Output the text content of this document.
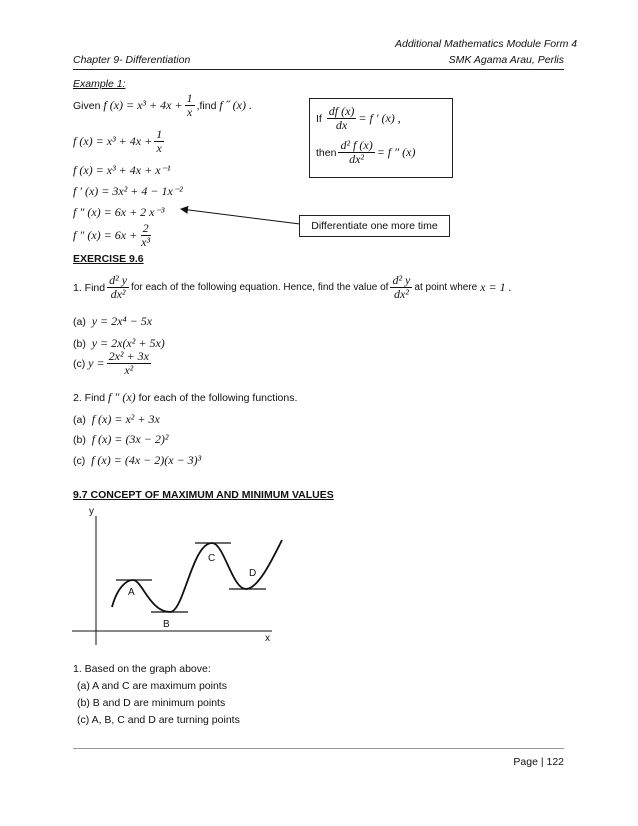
Additional Mathematics Module Form 4
Chapter 9- Differentiation	SMK Agama Arau, Perlis
Example 1:
Given
f $(x) = x^3 + 4x + \frac{1}{x}$ ,find
f ˝ (x) .
f $(x) = x^3 + 4x + \frac{1}{x}$
f (x) = x³ + 4x + x⁻¹
f ′ (x) = 3x² + 4 − 1x⁻²
f ″ (x) = 6x + 2 x⁻³
f ″ $(x) = 6x + \frac{2}{\text{x³}}$
If
$\frac{df (x)}{dx} = f$ ′ (x) ,
then $\frac{\text{d² f (x)}}{\text{dx²}} = f$ ″ (x)
Differentiate one more time
EXERCISE 9.6
1. Find $\frac{\text{d² y}}{\text{dx²}}$ for each of the following equation. Hence, find the value of $\frac{\text{d² y}}{\text{dx²}}$ at point where
x = 1 .
(a) y = 2x⁴ − 5x
(b) y = 2x(x² + 5x)
(c)
$y = \frac{\text{2x² + 3x}}{\text{x²}}$
2. Find
f ″ (x)
for each of the following functions.
(a) f (x) = x² + 3x
(b) f (x) = (3x − 2)²
(c) f (x) = (4x − 2)(x − 3)³
9.7 CONCEPT OF MAXIMUM AND MINIMUM VALUES
y
x
A
B
C
D
1. Based on the graph above:
(a) A and C are maximum points
(b) B and D are minimum points
(c) A, B, C and D are turning points
Page | 122
